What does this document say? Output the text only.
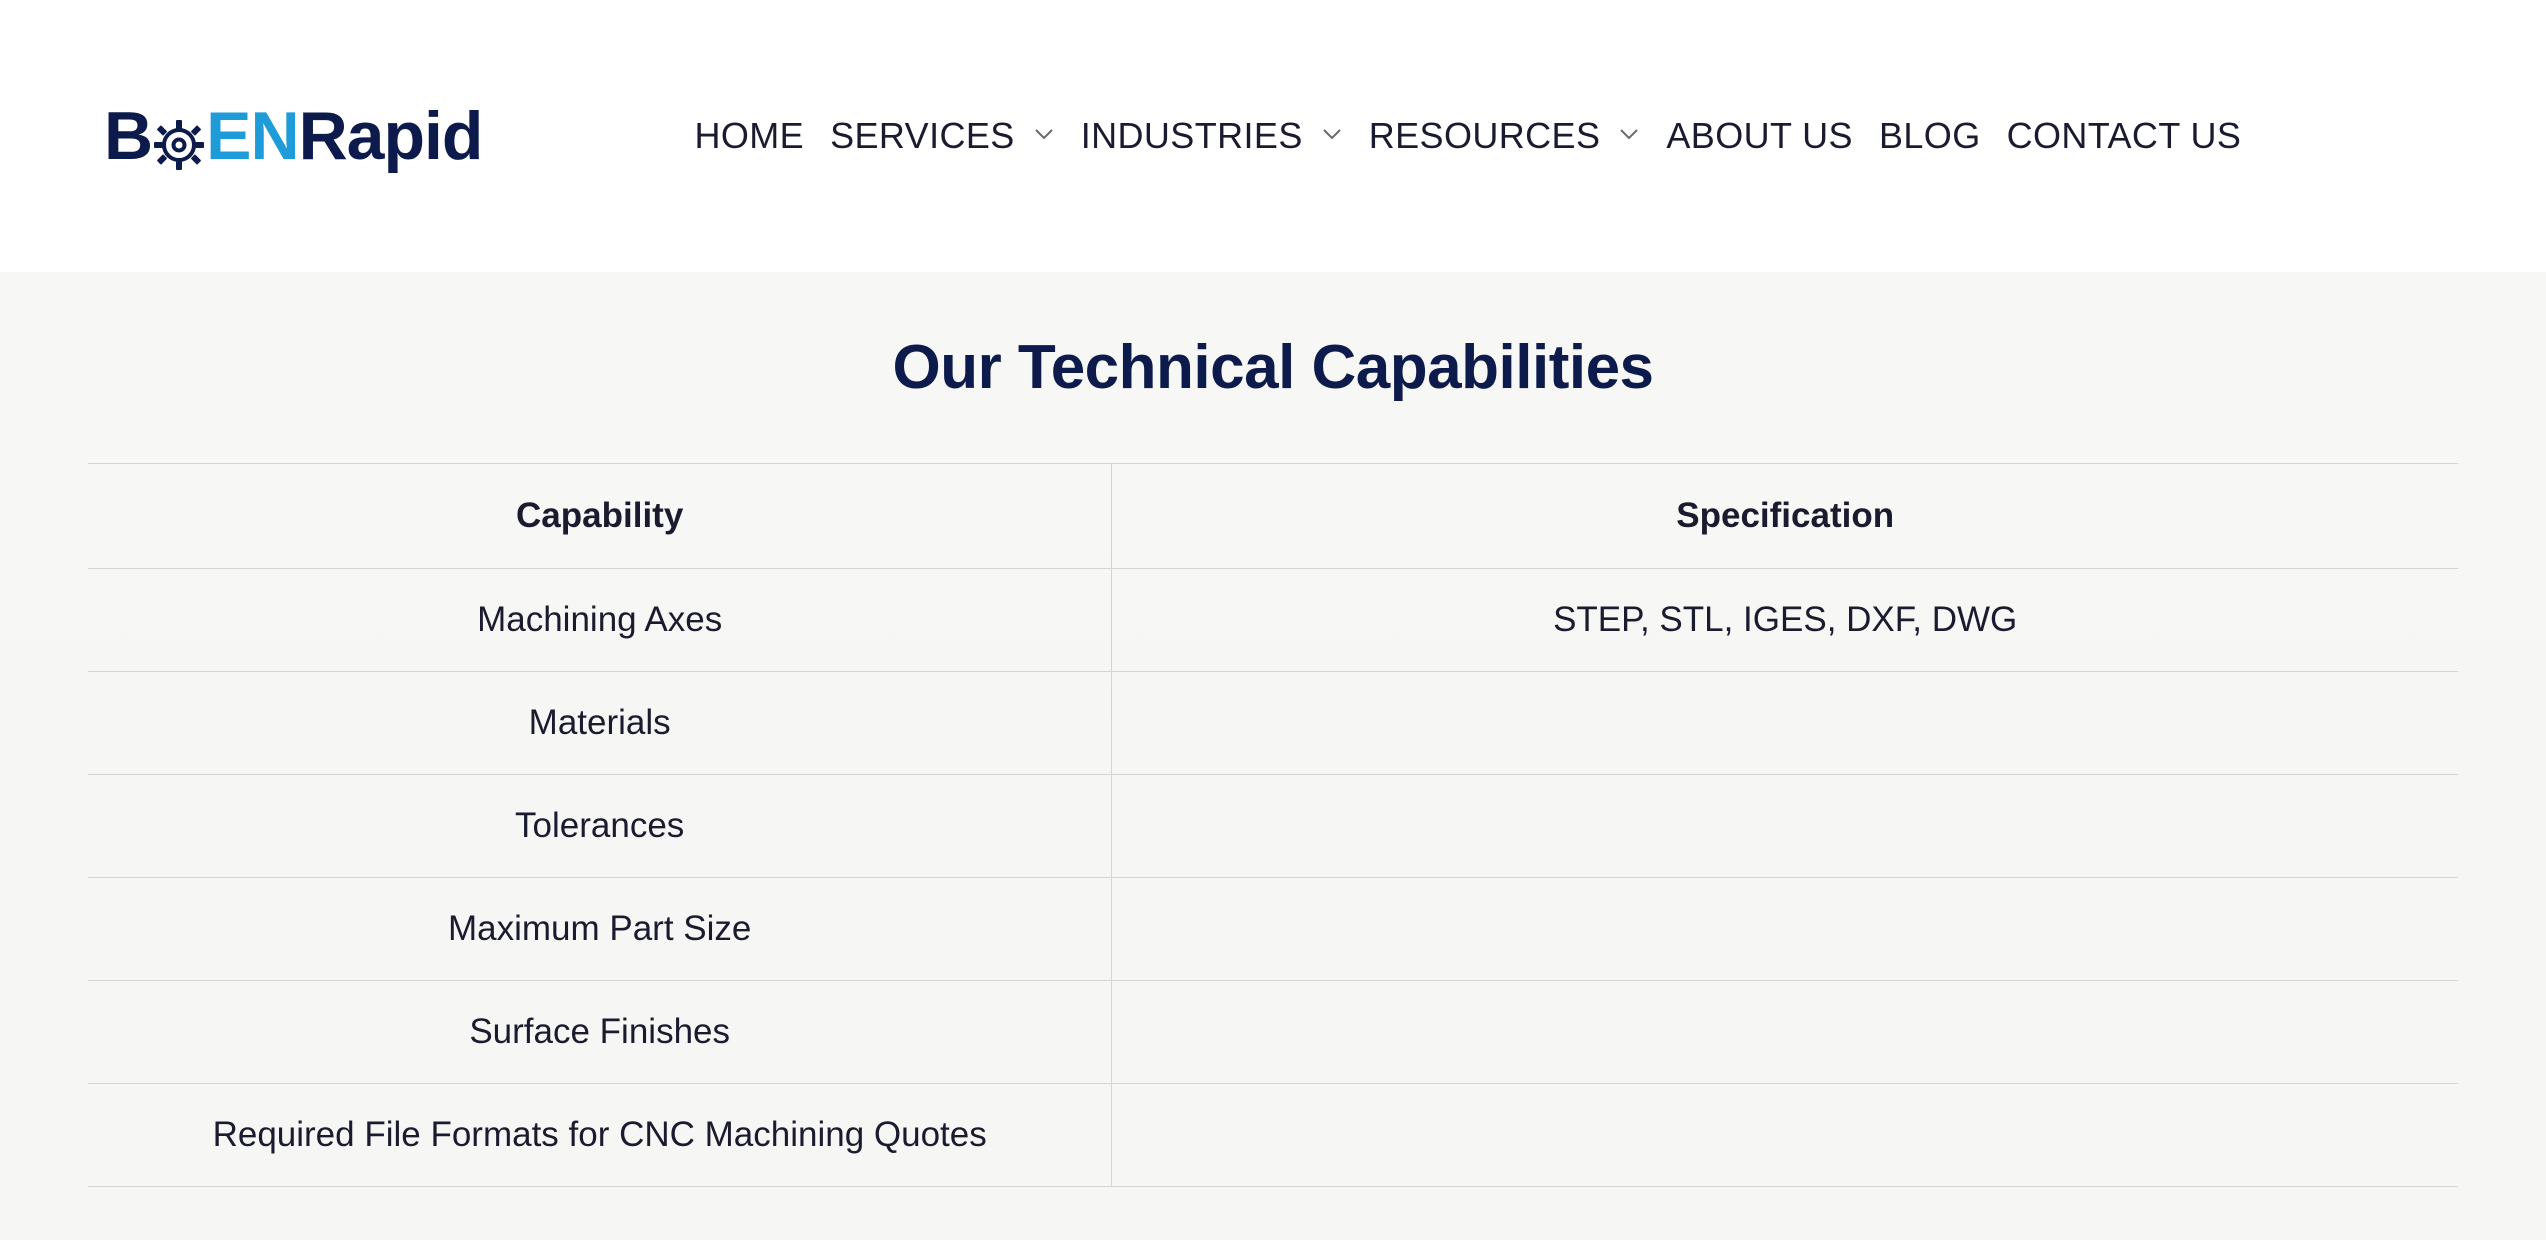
B EN Rapid	HOME SERVICES INDUSTRIES RESOURCES ABOUT US BLOG CONTACT US
Our Technical Capabilities
Capability	Specification
Machining Axes	STEP, STL, IGES, DXF, DWG
Materials	
Tolerances	
Maximum Part Size	
Surface Finishes	
Required File Formats for CNC Machining Quotes	
